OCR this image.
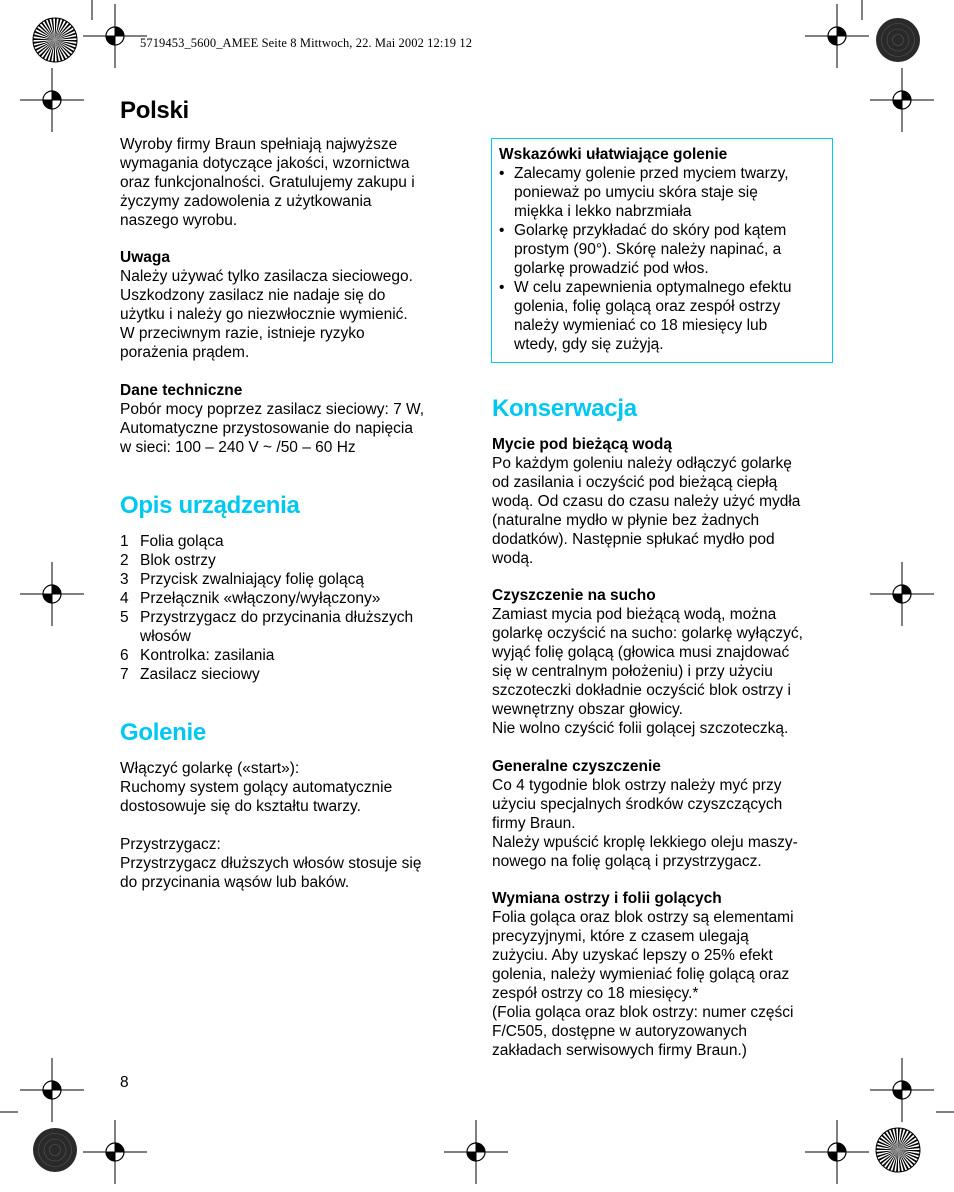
5719453_5600_AMEE Seite 8 Mittwoch, 22. Mai 2002 12:19 12
Polski
Wyroby firmy Braun spełniają najwyższe
wymagania dotyczące jakości, wzornictwa
oraz funkcjonalności. Gratulujemy zakupu i
życzymy zadowolenia z użytkowania
naszego wyrobu.
Uwaga
Należy używać tylko zasilacza sieciowego.
Uszkodzony zasilacz nie nadaje się do
użytku i należy go niezwłocznie wymienić.
W przeciwnym razie, istnieje ryzyko
porażenia prądem.
Dane techniczne
Pobór mocy poprzez zasilacz sieciowy: 7 W,
Automatyczne przystosowanie do napięcia
w sieci: 100 – 240 V ~ /50 – 60 Hz
Opis urządzenia
1 Folia goląca
2 Blok ostrzy
3 Przycisk zwalniający folię golącą
4 Przełącznik «włączony/wyłączony»
5 Przystrzygacz do przycinania dłuższych
włosów
6 Kontrolka: zasilania
7 Zasilacz sieciowy
Golenie
Włączyć golarkę («start»):
Ruchomy system golący automatycznie
dostosowuje się do kształtu twarzy.
Przystrzygacz:
Przystrzygacz dłuższych włosów stosuje się
do przycinania wąsów lub baków.
Wskazówki ułatwiające golenie
• Zalecamy golenie przed myciem twarzy,
ponieważ po umyciu skóra staje się
miękka i lekko nabrzmiała
• Golarkę przykładać do skóry pod kątem
prostym (90°). Skórę należy napinać, a
golarkę prowadzić pod włos.
• W celu zapewnienia optymalnego efektu
golenia, folię golącą oraz zespół ostrzy
należy wymieniać co 18 miesięcy lub
wtedy, gdy się zużyją.
Konserwacja
Mycie pod bieżącą wodą
Po każdym goleniu należy odłączyć golarkę
od zasilania i oczyścić pod bieżącą ciepłą
wodą. Od czasu do czasu należy użyć mydła
(naturalne mydło w płynie bez żadnych
dodatków). Następnie spłukać mydło pod
wodą.
Czyszczenie na sucho
Zamiast mycia pod bieżącą wodą, można
golarkę oczyścić na sucho: golarkę wyłączyć,
wyjąć folię golącą (głowica musi znajdować
się w centralnym położeniu) i przy użyciu
szczoteczki dokładnie oczyścić blok ostrzy i
wewnętrzny obszar głowicy.
Nie wolno czyścić folii golącej szczoteczką.
Generalne czyszczenie
Co 4 tygodnie blok ostrzy należy myć przy
użyciu specjalnych środków czyszczących
firmy Braun.
Należy wpuścić kroplę lekkiego oleju maszy-
nowego na folię golącą i przystrzygacz.
Wymiana ostrzy i folii golących
Folia goląca oraz blok ostrzy są elementami
precyzyjnymi, które z czasem ulegają
zużyciu. Aby uzyskać lepszy o 25% efekt
golenia, należy wymieniać folię golącą oraz
zespół ostrzy co 18 miesięcy.*
(Folia goląca oraz blok ostrzy: numer części
F/C505, dostępne w autoryzowanych
zakładach serwisowych firmy Braun.)
8
